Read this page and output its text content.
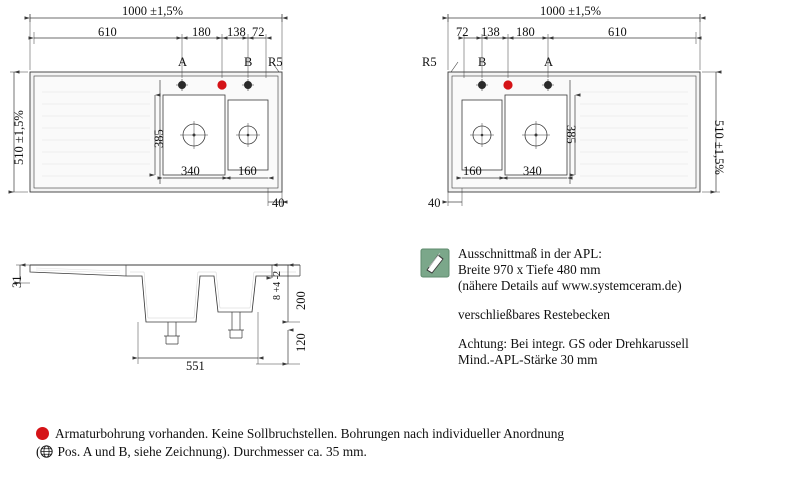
1000 ±1,5%
610	180 138 72
A	B R5
510 ±1,5%	385
340	160
40
1000 ±1,5%
72 138 180	610
R5	B	A
510 ±1,5%
385
340
160
40
31
200
8 +4 -2
120
551
Ausschnittmaß in der APL:
Breite 970 x Tiefe 480 mm
(nähere Details auf www.systemceram.de)
verschließbares Restebecken
Achtung: Bei integr. GS oder Drehkarussell
Mind.-APL-Stärke 30 mm
Armaturbohrung vorhanden. Keine Sollbruchstellen. Bohrungen nach individueller Anordnung
( Pos. A und B, siehe Zeichnung). Durchmesser ca. 35 mm.
